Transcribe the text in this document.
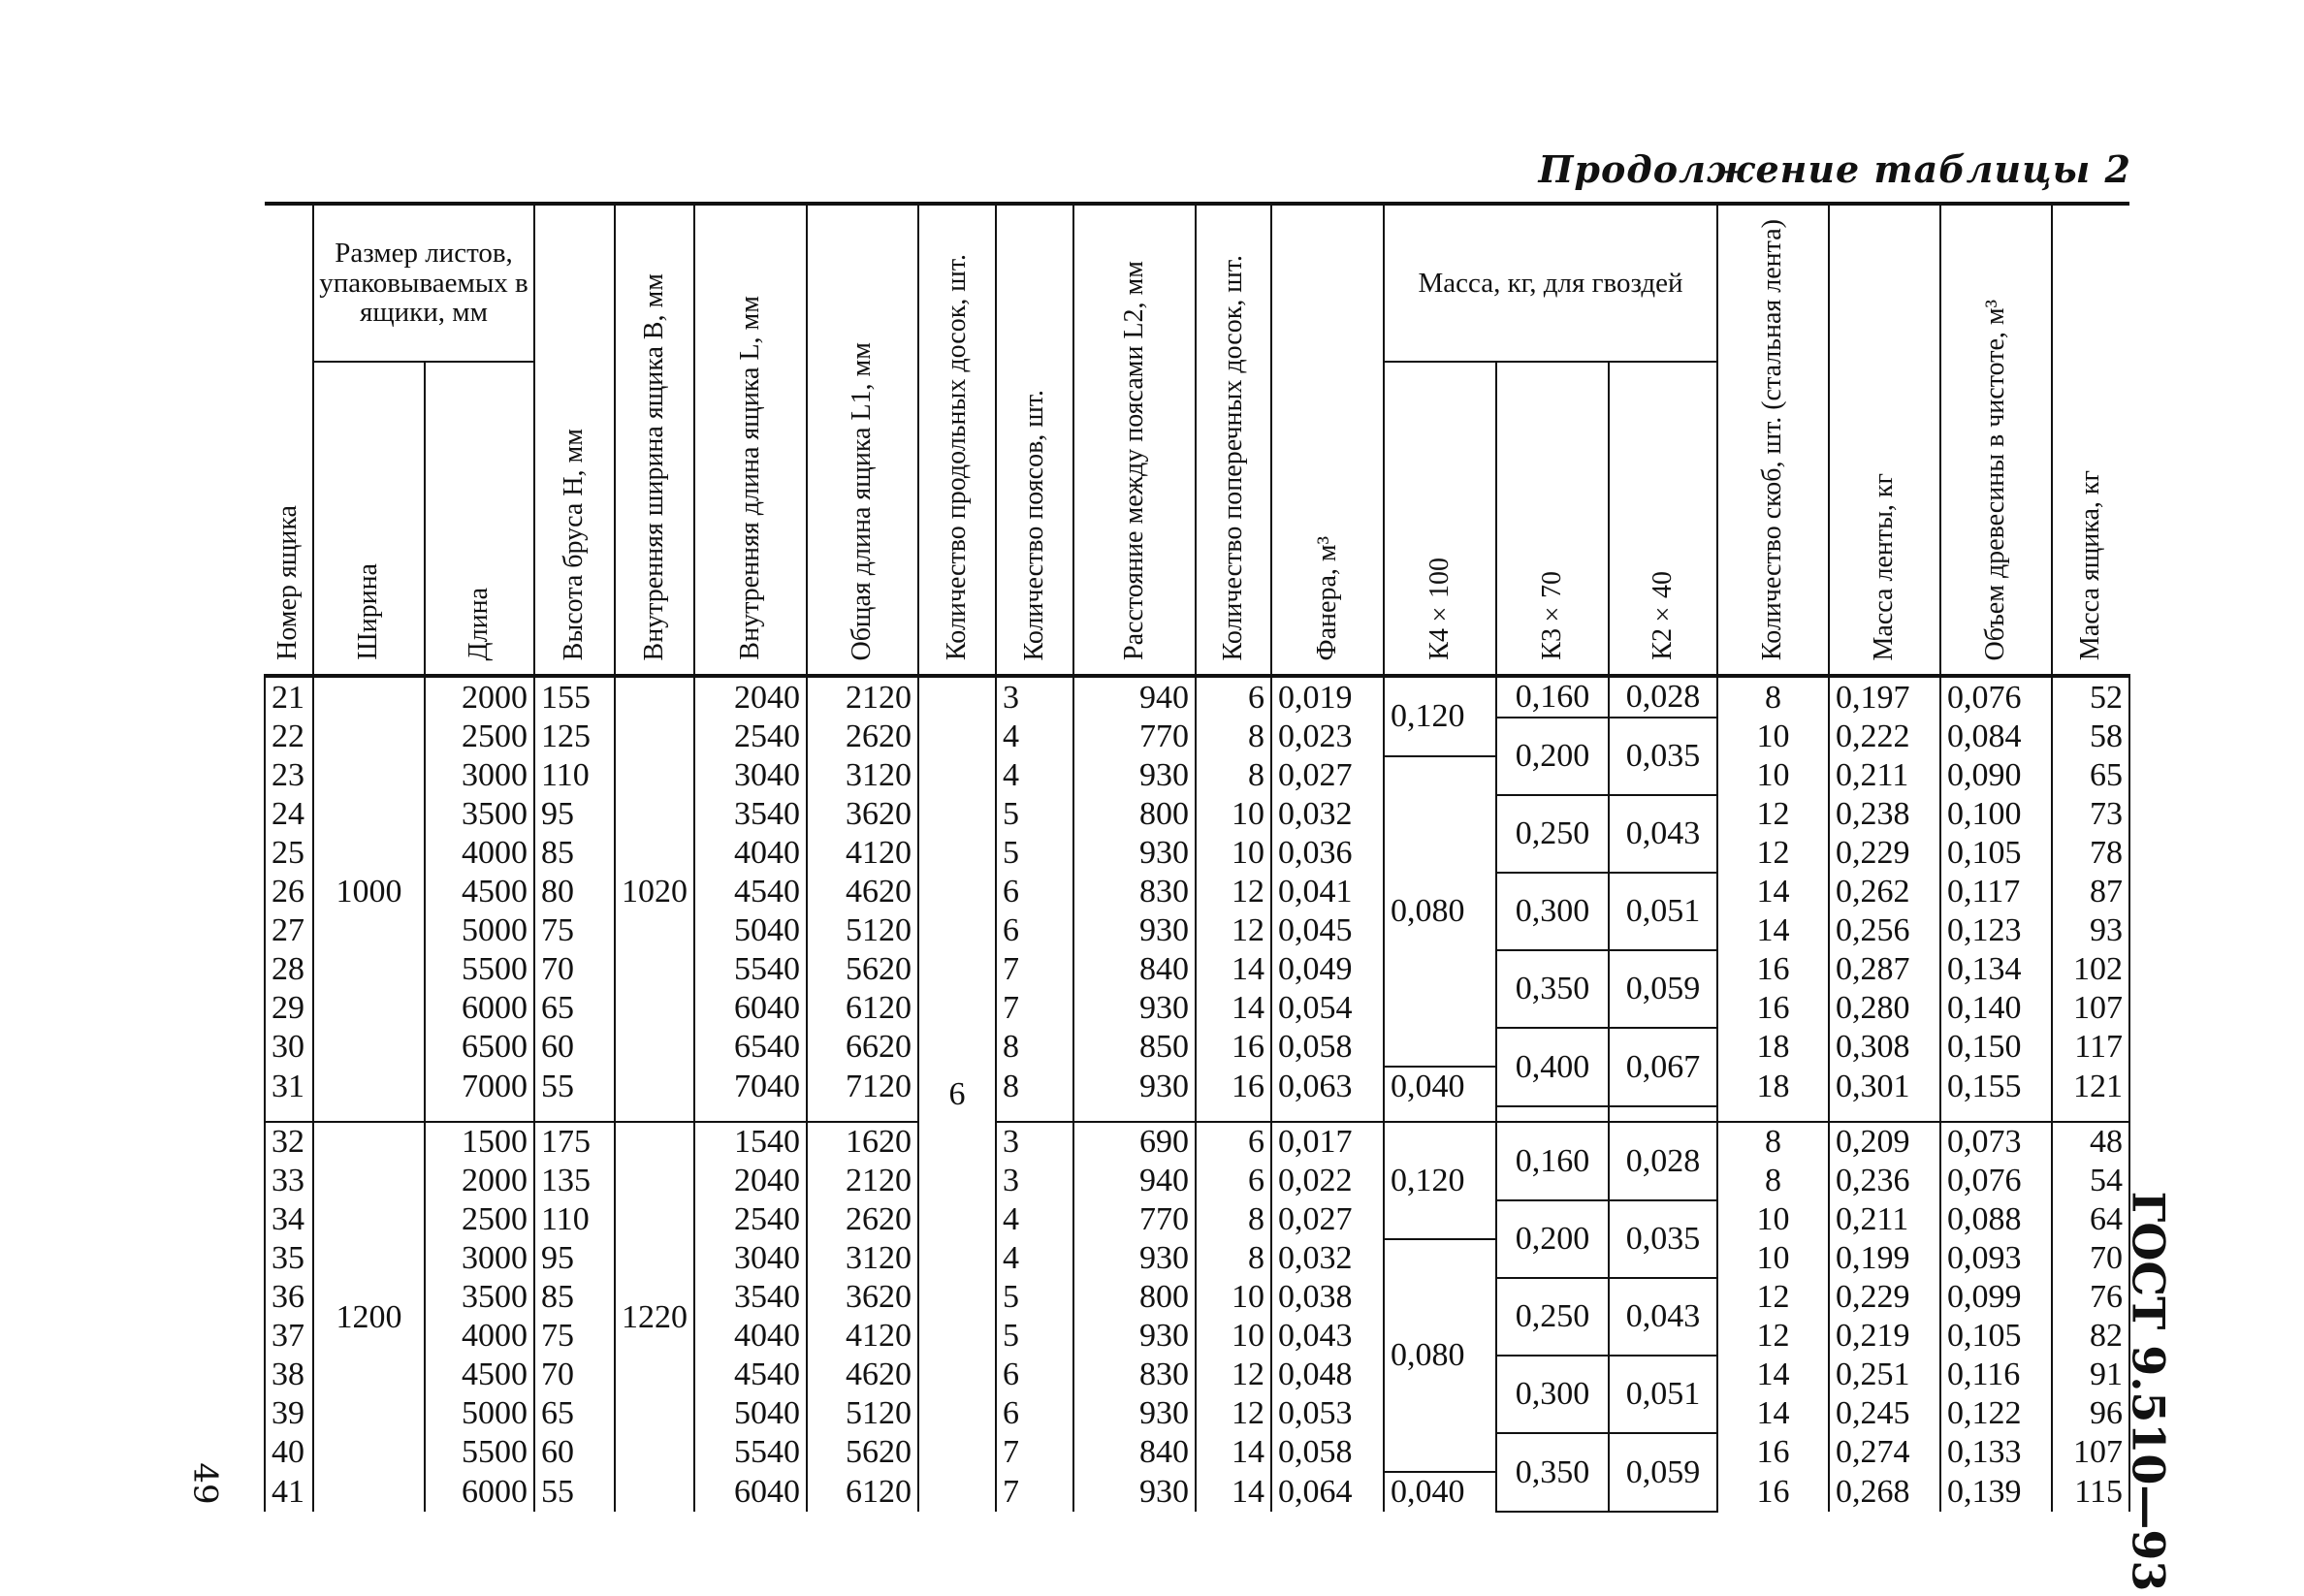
Продолжение таблицы 2
ГОСТ 9.510—93
49
Номер ящика	Размер листов, упаковываемых в ящики, мм		Высота бруса H, мм	Внутренняя ширина ящика B, мм	Внутренняя длина ящика L, мм	Общая длина ящика L1, мм	Количество продольных досок, шт.	Количество поясов, шт.	Расстояние между поясами L2, мм	Количество поперечных досок, шт.	Фанера, м³	Масса, кг, для гвоздей			Количество скоб, шт. (стальная лента)	Масса ленты, кг	Объем древесины в чистоте, м³	Масса ящика, кг

	Ширина	Длина										К4×100	К3×70	К2×40				

21	1000	2000	155	1020	2040	2120	6	3	940	6	0,019	0,120	0,160	0,028	8	0,197	0,076	52
22		2500	125		2540	2620		4	770	8	0,023		0,200	0,035	10	0,222	0,084	58
23		3000	110		3040	3120		4	930	8	0,027	0,080			10	0,211	0,090	65
24		3500	95		3540	3620		5	800	10	0,032		0,250	0,043	12	0,238	0,100	73
25		4000	85		4040	4120		5	930	10	0,036				12	0,229	0,105	78
26		4500	80		4540	4620		6	830	12	0,041		0,300	0,051	14	0,262	0,117	87
27		5000	75		5040	5120		6	930	12	0,045				14	0,256	0,123	93
28		5500	70		5540	5620		7	840	14	0,049		0,350	0,059	16	0,287	0,134	102
29		6000	65		6040	6120		7	930	14	0,054				16	0,280	0,140	107
30		6500	60		6540	6620		8	850	16	0,058		0,400	0,067	18	0,308	0,150	117
31		7000	55		7040	7120		8	930	16	0,063	0,040			18	0,301	0,155	121

32	1200	1500	175	1220	1540	1620		3	690	6	0,017	0,120	0,160	0,028	8	0,209	0,073	48
33		2000	135		2040	2120		3	940	6	0,022				8	0,236	0,076	54
34		2500	110		2540	2620		4	770	8	0,027		0,200	0,035	10	0,211	0,088	64
35		3000	95		3040	3120		4	930	8	0,032	0,080			10	0,199	0,093	70
36		3500	85		3540	3620		5	800	10	0,038		0,250	0,043	12	0,229	0,099	76
37		4000	75		4040	4120		5	930	10	0,043				12	0,219	0,105	82
38		4500	70		4540	4620		6	830	12	0,048		0,300	0,051	14	0,251	0,116	91
39		5000	65		5040	5120		6	930	12	0,053				14	0,245	0,122	96
40		5500	60		5540	5620		7	840	14	0,058		0,350	0,059	16	0,274	0,133	107
41		6000	55		6040	6120		7	930	14	0,064	0,040			16	0,268	0,139	115
